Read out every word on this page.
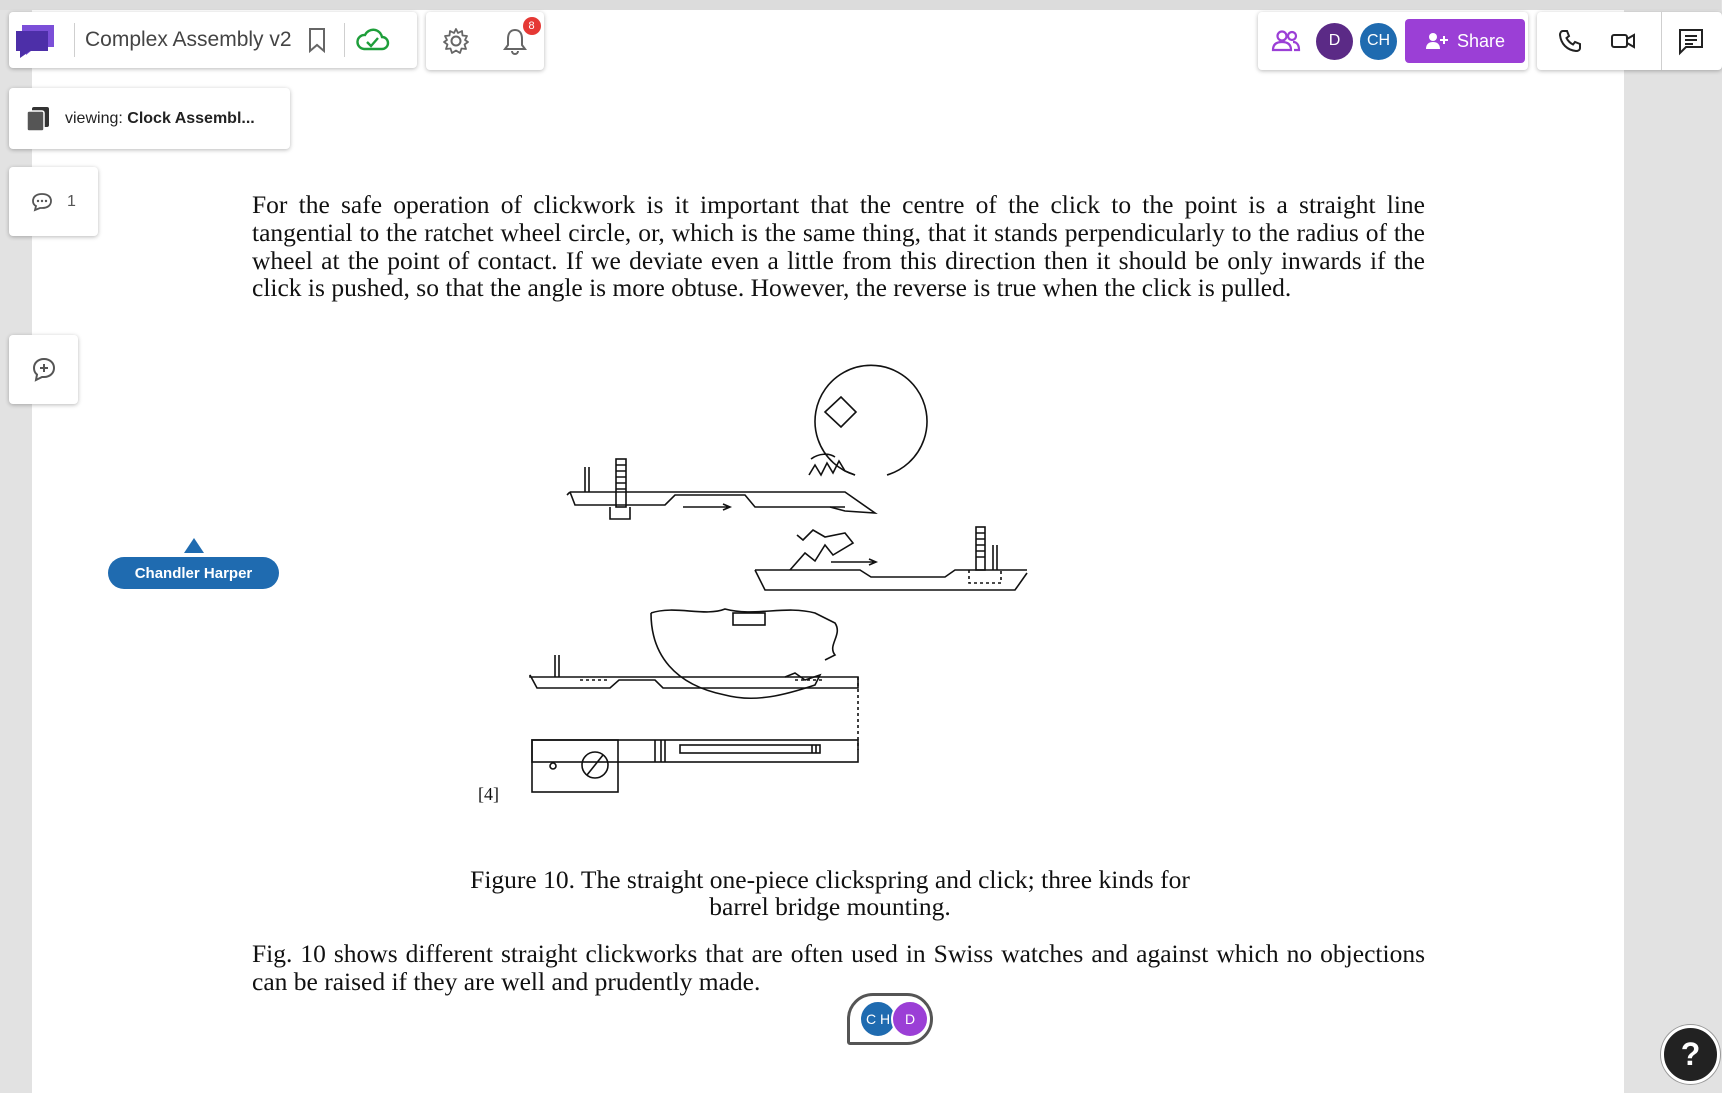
Complex Assembly v2
8
D	CH	Share
viewing:
Clock Assembl...
1	For the safe operation of clickwork is it important that the centre of the click to the point is a straight line tangential to the ratchet wheel circle, or, which is the same thing, that it stands perpendicularly to the radius of the wheel at the point of contact. If we deviate even a little from this direction then it should be only inwards if the click is pushed, so that the angle is more obtuse. However, the reverse is true when the click is pulled.
[4]
Figure 10. The straight one-piece clickspring and click; three kinds for
barrel bridge mounting.
Fig. 10 shows different straight clickworks that are often used in Swiss watches and against which no objections can be raised if they are well and prudently made.
Chandler Harper
C H	D
?
